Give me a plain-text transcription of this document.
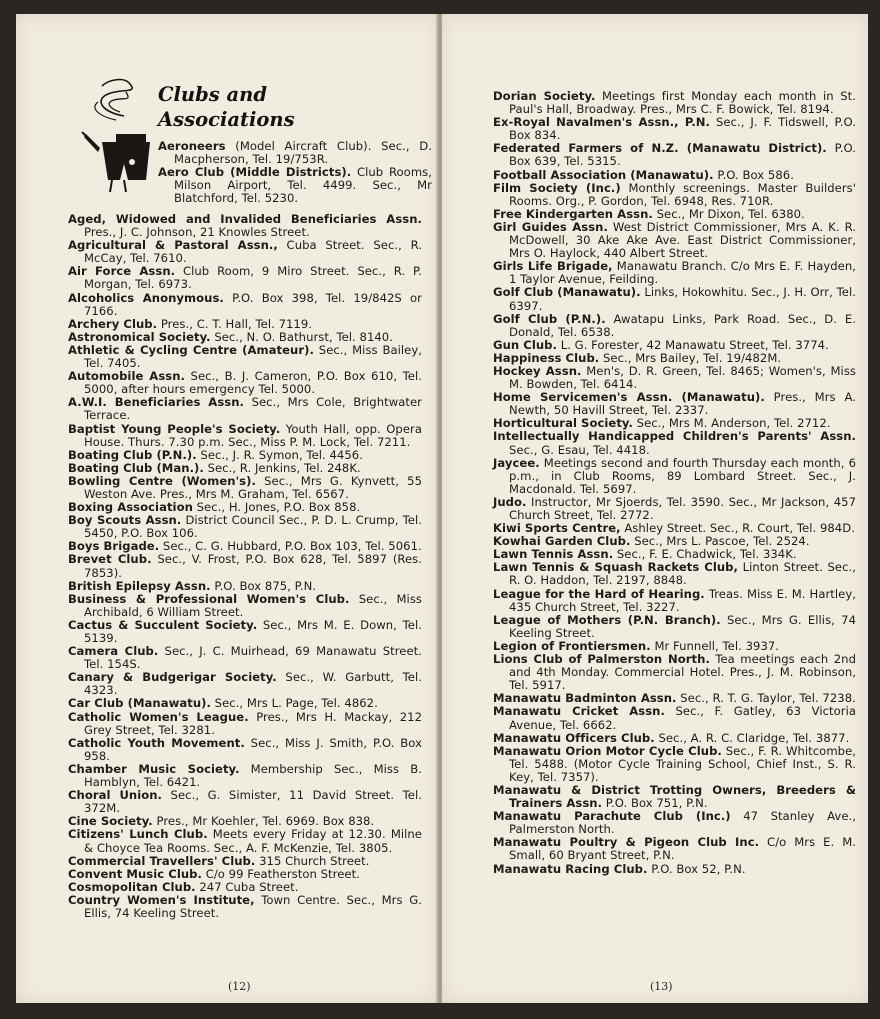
Clubs and
Associations

Aeroneers (Model Aircraft Club). Sec., D. Macpherson, Tel. 19/753R.

Aero Club (Middle Districts). Club Rooms, Milson Airport, Tel. 4499. Sec., Mr Blatchford, Tel. 5230.

Aged, Widowed and Invalided Beneficiaries Assn. Pres., J. C. Johnson, 21 Knowles Street.

Agricultural & Pastoral Assn., Cuba Street. Sec., R. McCay, Tel. 7610.

Air Force Assn. Club Room, 9 Miro Street. Sec., R. P. Morgan, Tel. 6973.

Alcoholics Anonymous. P.O. Box 398, Tel. 19/842S or 7166.

Archery Club. Pres., C. T. Hall, Tel. 7119.

Astronomical Society. Sec., N. O. Bathurst, Tel. 8140.

Athletic & Cycling Centre (Amateur). Sec., Miss Bailey, Tel. 7405.

Automobile Assn. Sec., B. J. Cameron, P.O. Box 610, Tel. 5000, after hours emergency Tel. 5000.

A.W.I. Beneficiaries Assn. Sec., Mrs Cole, Brightwater Terrace.

Baptist Young People's Society. Youth Hall, opp. Opera House. Thurs. 7.30 p.m. Sec., Miss P. M. Lock, Tel. 7211.

Boating Club (P.N.). Sec., J. R. Symon, Tel. 4456.

Boating Club (Man.). Sec., R. Jenkins, Tel. 248K.

Bowling Centre (Women's). Sec., Mrs G. Kynvett, 55 Weston Ave. Pres., Mrs M. Graham, Tel. 6567.

Boxing Association Sec., H. Jones, P.O. Box 858.

Boy Scouts Assn. District Council Sec., P. D. L. Crump, Tel. 5450, P.O. Box 106.

Boys Brigade. Sec., C. G. Hubbard, P.O. Box 103, Tel. 5061.

Brevet Club. Sec., V. Frost, P.O. Box 628, Tel. 5897 (Res. 7853).

British Epilepsy Assn. P.O. Box 875, P.N.

Business & Professional Women's Club. Sec., Miss Archibald, 6 William Street.

Cactus & Succulent Society. Sec., Mrs M. E. Down, Tel. 5139.

Camera Club. Sec., J. C. Muirhead, 69 Manawatu Street. Tel. 154S.

Canary & Budgerigar Society. Sec., W. Garbutt, Tel. 4323.

Car Club (Manawatu). Sec., Mrs L. Page, Tel. 4862.

Catholic Women's League. Pres., Mrs H. Mackay, 212 Grey Street, Tel. 3281.

Catholic Youth Movement. Sec., Miss J. Smith, P.O. Box 958.

Chamber Music Society. Membership Sec., Miss B. Hamblyn, Tel. 6421.

Choral Union. Sec., G. Simister, 11 David Street. Tel. 372M.

Cine Society. Pres., Mr Koehler, Tel. 6969. Box 838.

Citizens' Lunch Club. Meets every Friday at 12.30. Milne & Choyce Tea Rooms. Sec., A. F. McKenzie, Tel. 3805.

Commercial Travellers' Club. 315 Church Street.

Convent Music Club. C/o 99 Featherston Street.

Cosmopolitan Club. 247 Cuba Street.

Country Women's Institute, Town Centre. Sec., Mrs G. Ellis, 74 Keeling Street.

(12)

Dorian Society. Meetings first Monday each month in St. Paul's Hall, Broadway. Pres., Mrs C. F. Bowick, Tel. 8194.

Ex-Royal Navalmen's Assn., P.N. Sec., J. F. Tidswell, P.O. Box 834.

Federated Farmers of N.Z. (Manawatu District). P.O. Box 639, Tel. 5315.

Football Association (Manawatu). P.O. Box 586.

Film Society (Inc.) Monthly screenings. Master Builders' Rooms. Org., P. Gordon, Tel. 6948, Res. 710R.

Free Kindergarten Assn. Sec., Mr Dixon, Tel. 6380.

Girl Guides Assn. West District Commissioner, Mrs A. K. R. McDowell, 30 Ake Ake Ave. East District Commissioner, Mrs O. Haylock, 440 Albert Street.

Girls Life Brigade, Manawatu Branch. C/o Mrs E. F. Hayden, 1 Taylor Avenue, Feilding.

Golf Club (Manawatu). Links, Hokowhitu. Sec., J. H. Orr, Tel. 6397.

Golf Club (P.N.). Awatapu Links, Park Road. Sec., D. E. Donald, Tel. 6538.

Gun Club. L. G. Forester, 42 Manawatu Street, Tel. 3774.

Happiness Club. Sec., Mrs Bailey, Tel. 19/482M.

Hockey Assn. Men's, D. R. Green, Tel. 8465; Women's, Miss M. Bowden, Tel. 6414.

Home Servicemen's Assn. (Manawatu). Pres., Mrs A. Newth, 50 Havill Street, Tel. 2337.

Horticultural Society. Sec., Mrs M. Anderson, Tel. 2712.

Intellectually Handicapped Children's Parents' Assn. Sec., G. Esau, Tel. 4418.

Jaycee. Meetings second and fourth Thursday each month, 6 p.m., in Club Rooms, 89 Lombard Street. Sec., J. Macdonald. Tel. 5697.

Judo. Instructor, Mr Sjoerds, Tel. 3590. Sec., Mr Jackson, 457 Church Street, Tel. 2772.

Kiwi Sports Centre, Ashley Street. Sec., R. Court, Tel. 984D.

Kowhai Garden Club. Sec., Mrs L. Pascoe, Tel. 2524.

Lawn Tennis Assn. Sec., F. E. Chadwick, Tel. 334K.

Lawn Tennis & Squash Rackets Club, Linton Street. Sec., R. O. Haddon, Tel. 2197, 8848.

League for the Hard of Hearing. Treas. Miss E. M. Hartley, 435 Church Street, Tel. 3227.

League of Mothers (P.N. Branch). Sec., Mrs G. Ellis, 74 Keeling Street.

Legion of Frontiersmen. Mr Funnell, Tel. 3937.

Lions Club of Palmerston North. Tea meetings each 2nd and 4th Monday. Commercial Hotel. Pres., J. M. Robinson, Tel. 5917.

Manawatu Badminton Assn. Sec., R. T. G. Taylor, Tel. 7238.

Manawatu Cricket Assn. Sec., F. Gatley, 63 Victoria Avenue, Tel. 6662.

Manawatu Officers Club. Sec., A. R. C. Claridge, Tel. 3877.

Manawatu Orion Motor Cycle Club. Sec., F. R. Whitcombe, Tel. 5488. (Motor Cycle Training School, Chief Inst., S. R. Key, Tel. 7357).

Manawatu & District Trotting Owners, Breeders & Trainers Assn. P.O. Box 751, P.N.

Manawatu Parachute Club (Inc.) 47 Stanley Ave., Palmerston North.

Manawatu Poultry & Pigeon Club Inc. C/o Mrs E. M. Small, 60 Bryant Street, P.N.

Manawatu Racing Club. P.O. Box 52, P.N.

(13)
